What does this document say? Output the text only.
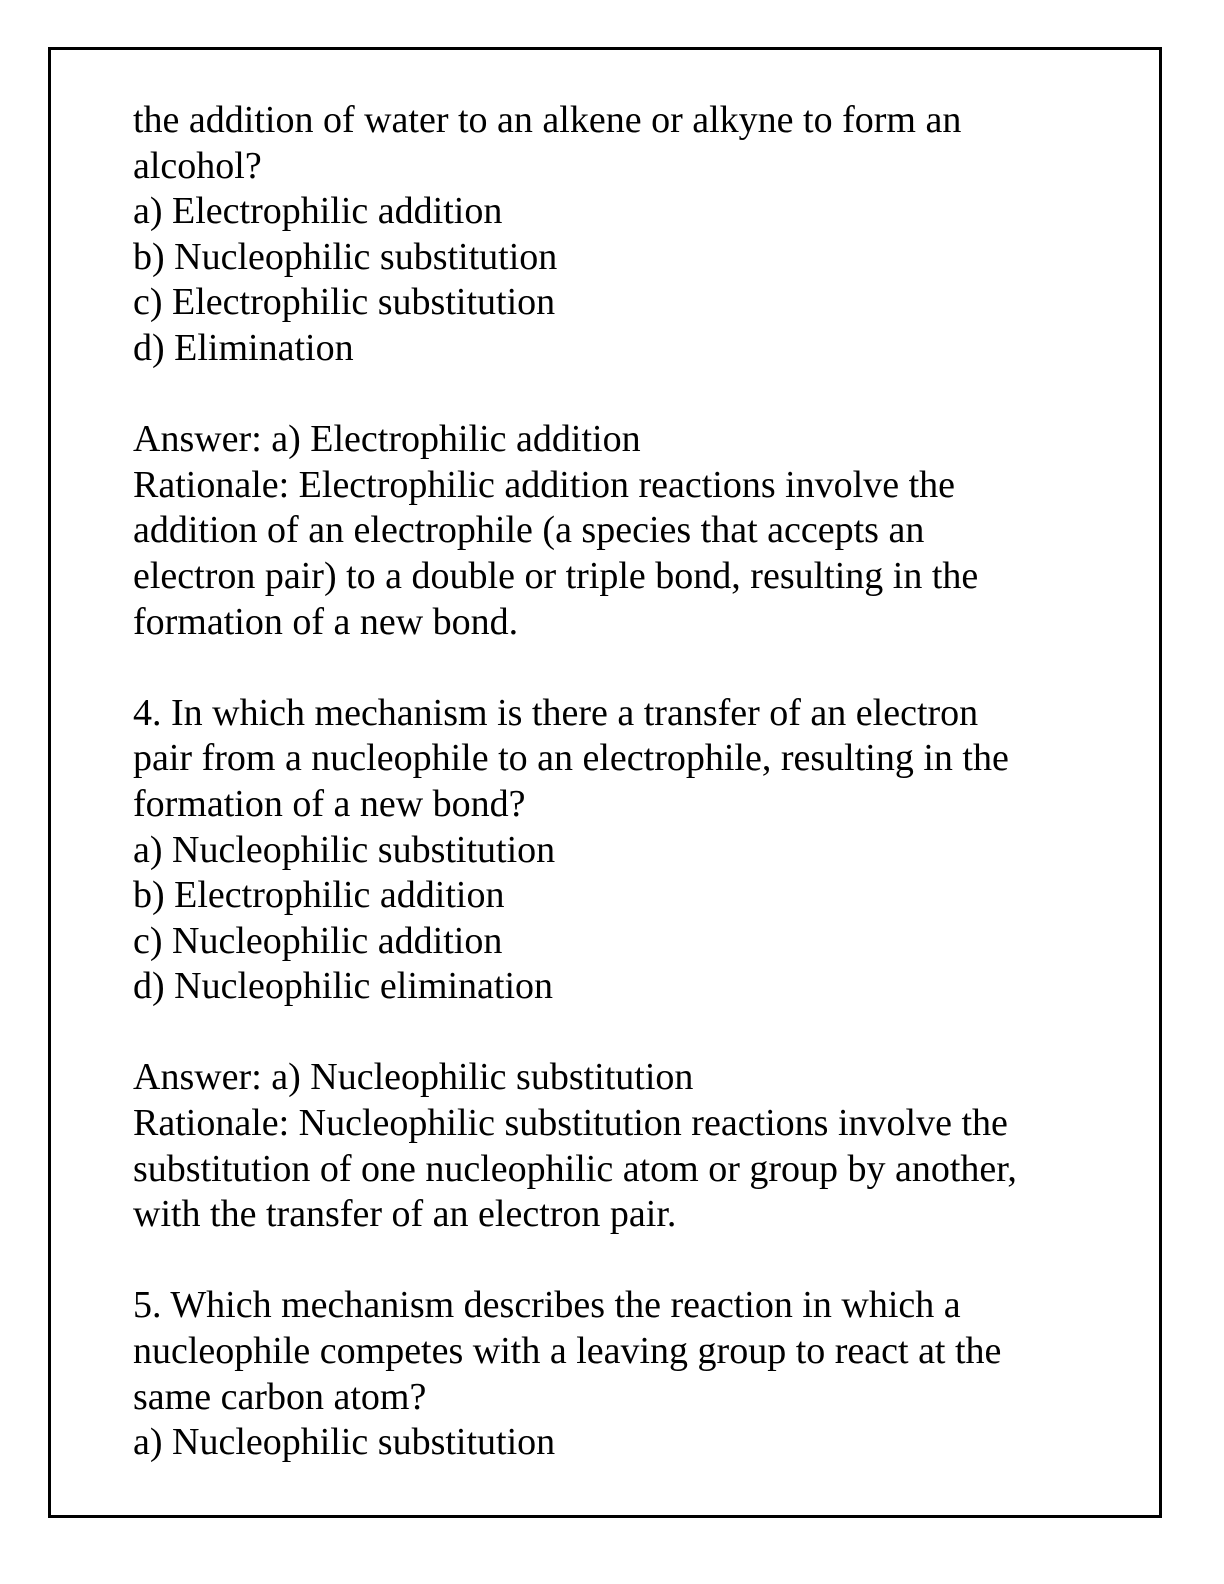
the addition of water to an alkene or alkyne to form an
alcohol?
a) Electrophilic addition
b) Nucleophilic substitution
c) Electrophilic substitution
d) Elimination
Answer: a) Electrophilic addition
Rationale: Electrophilic addition reactions involve the
addition of an electrophile (a species that accepts an
electron pair) to a double or triple bond, resulting in the
formation of a new bond.
4. In which mechanism is there a transfer of an electron
pair from a nucleophile to an electrophile, resulting in the
formation of a new bond?
a) Nucleophilic substitution
b) Electrophilic addition
c) Nucleophilic addition
d) Nucleophilic elimination
Answer: a) Nucleophilic substitution
Rationale: Nucleophilic substitution reactions involve the
substitution of one nucleophilic atom or group by another,
with the transfer of an electron pair.
5. Which mechanism describes the reaction in which a
nucleophile competes with a leaving group to react at the
same carbon atom?
a) Nucleophilic substitution
